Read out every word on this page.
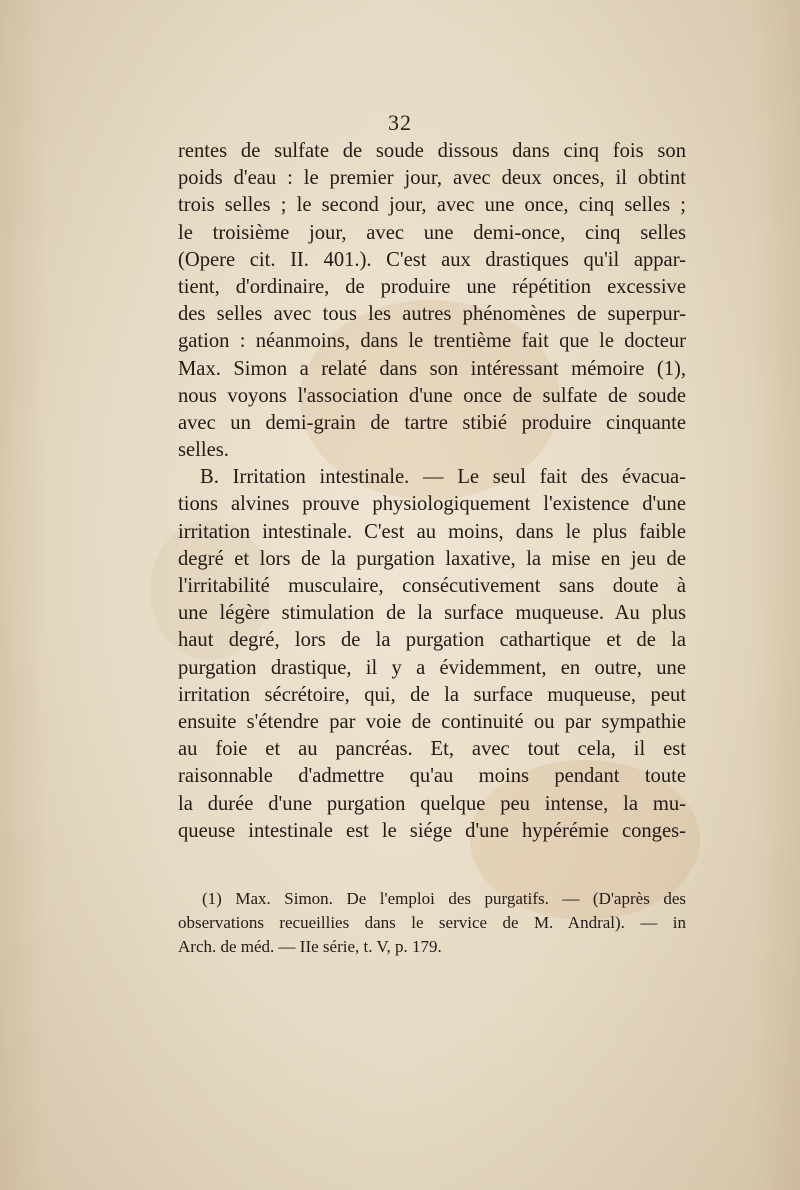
32
rentes de sulfate de soude dissous dans cinq fois son
poids d'eau : le premier jour, avec deux onces, il obtint
trois selles ; le second jour, avec une once, cinq selles ;
le troisième jour, avec une demi-once, cinq selles
(Opere cit. II. 401.). C'est aux drastiques qu'il appar-
tient, d'ordinaire, de produire une répétition excessive
des selles avec tous les autres phénomènes de superpur-
gation : néanmoins, dans le trentième fait que le docteur
Max. Simon a relaté dans son intéressant mémoire (1),
nous voyons l'association d'une once de sulfate de soude
avec un demi-grain de tartre stibié produire cinquante
selles.
B. Irritation intestinale. — Le seul fait des évacua-
tions alvines prouve physiologiquement l'existence d'une
irritation intestinale. C'est au moins, dans le plus faible
degré et lors de la purgation laxative, la mise en jeu de
l'irritabilité musculaire, consécutivement sans doute à
une légère stimulation de la surface muqueuse. Au plus
haut degré, lors de la purgation cathartique et de la
purgation drastique, il y a évidemment, en outre, une
irritation sécrétoire, qui, de la surface muqueuse, peut
ensuite s'étendre par voie de continuité ou par sympathie
au foie et au pancréas. Et, avec tout cela, il est
raisonnable d'admettre qu'au moins pendant toute
la durée d'une purgation quelque peu intense, la mu-
queuse intestinale est le siége d'une hypérémie conges-
(1) Max. Simon. De l'emploi des purgatifs. — (D'après des
observations recueillies dans le service de M. Andral). — in
Arch. de méd. — IIe série, t. V, p. 179.
